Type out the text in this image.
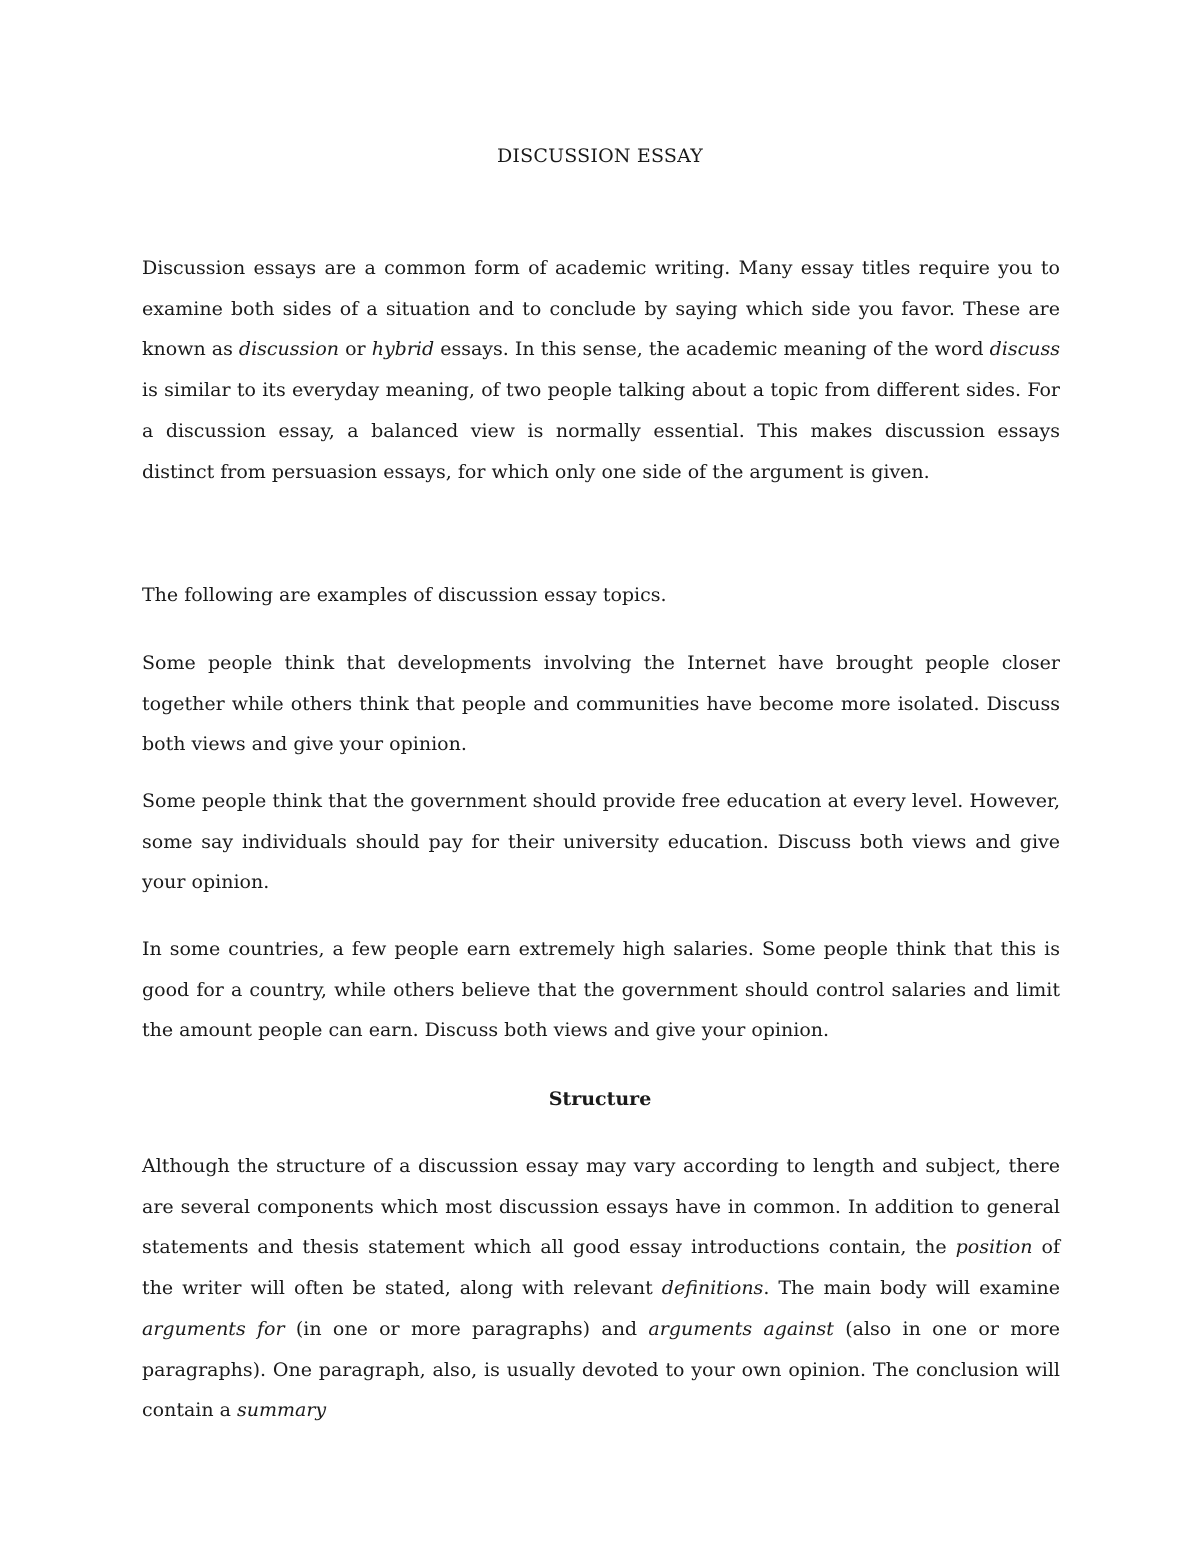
DISCUSSION ESSAY
Discussion essays are a common form of academic writing. Many essay titles require you to examine both sides of a situation and to conclude by saying which side you favor. These are known as discussion or hybrid essays. In this sense, the academic meaning of the word discuss is similar to its everyday meaning, of two people talking about a topic from different sides. For a discussion essay, a balanced view is normally essential. This makes discussion essays distinct from persuasion essays, for which only one side of the argument is given.
The following are examples of discussion essay topics.
Some people think that developments involving the Internet have brought people closer together while others think that people and communities have become more isolated. Discuss both views and give your opinion.
Some people think that the government should provide free education at every level. However, some say individuals should pay for their university education. Discuss both views and give your opinion.
In some countries, a few people earn extremely high salaries. Some people think that this is good for a country, while others believe that the government should control salaries and limit the amount people can earn. Discuss both views and give your opinion.
Structure
Although the structure of a discussion essay may vary according to length and subject, there are several components which most discussion essays have in common. In addition to general statements and thesis statement which all good essay introductions contain, the position of the writer will often be stated, along with relevant definitions. The main body will examine arguments for (in one or more paragraphs) and arguments against (also in one or more paragraphs). One paragraph, also, is usually devoted to your own opinion. The conclusion will contain a summary
